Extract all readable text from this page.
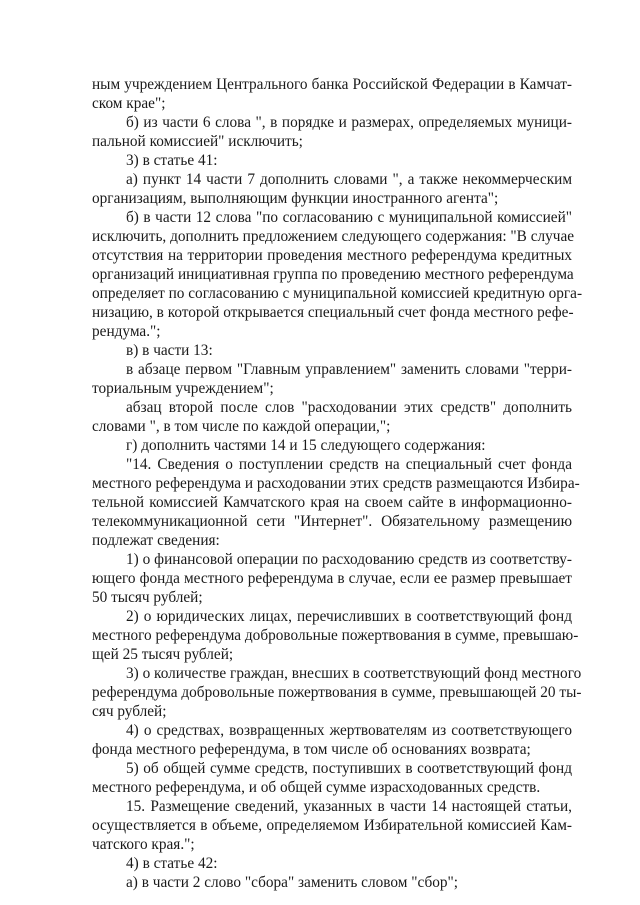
ным учреждением Центрального банка Российской Федерации в Камчат-
ском крае";
б) из части 6 слова ", в порядке и размерах, определяемых муници-
пальной комиссией" исключить;
3) в статье 41:
а) пункт 14 части 7 дополнить словами ", а также некоммерческим
организациям, выполняющим функции иностранного агента";
б) в части 12 слова "по согласованию с муниципальной комиссией"
исключить, дополнить предложением следующего содержания: "В случае
отсутствия на территории проведения местного референдума кредитных
организаций инициативная группа по проведению местного референдума
определяет по согласованию с муниципальной комиссией кредитную орга-
низацию, в которой открывается специальный счет фонда местного рефе-
рендума.";
в) в части 13:
в абзаце первом "Главным управлением" заменить словами "терри-
ториальным учреждением";
абзац второй после слов "расходовании этих средств" дополнить
словами ", в том числе по каждой операции,";
г) дополнить частями 14 и 15 следующего содержания:
"14. Сведения о поступлении средств на специальный счет фонда
местного референдума и расходовании этих средств размещаются Избира-
тельной комиссией Камчатского края на своем сайте в информационно-
телекоммуникационной сети "Интернет". Обязательному размещению
подлежат сведения:
1) о финансовой операции по расходованию средств из соответству-
ющего фонда местного референдума в случае, если ее размер превышает
50 тысяч рублей;
2) о юридических лицах, перечисливших в соответствующий фонд
местного референдума добровольные пожертвования в сумме, превышаю-
щей 25 тысяч рублей;
3) о количестве граждан, внесших в соответствующий фонд местного
референдума добровольные пожертвования в сумме, превышающей 20 ты-
сяч рублей;
4) о средствах, возвращенных жертвователям из соответствующего
фонда местного референдума, в том числе об основаниях возврата;
5) об общей сумме средств, поступивших в соответствующий фонд
местного референдума, и об общей сумме израсходованных средств.
15. Размещение сведений, указанных в части 14 настоящей статьи,
осуществляется в объеме, определяемом Избирательной комиссией Кам-
чатского края.";
4) в статье 42:
а) в части 2 слово "сбора" заменить словом "сбор";
